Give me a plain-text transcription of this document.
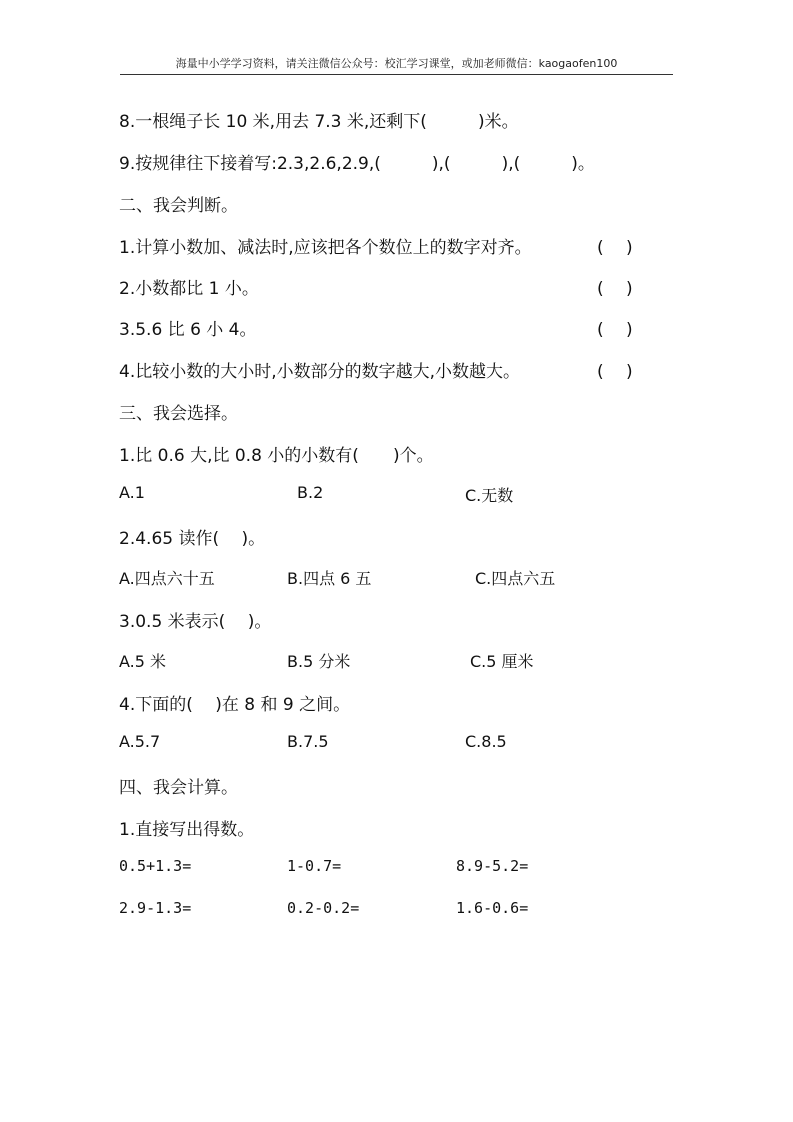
海量中小学学习资料，请关注微信公众号：校汇学习课堂，或加老师微信：kaogaofen100
8.一根绳子长 10 米,用去 7.3 米,还剩下(　　　)米。
9.按规律往下接着写:2.3,2.6,2.9,(　　　),(　　　),(　　　)。
二、我会判断。
1.计算小数加、减法时,应该把各个数位上的数字对齐。	(　 )
2.小数都比 1 小。	(　 )
3.5.6 比 6 小 4。	(　 )
4.比较小数的大小时,小数部分的数字越大,小数越大。	(　 )
三、我会选择。
1.比 0.6 大,比 0.8 小的小数有(　　)个。
A.1	B.2	C.无数
2.4.65 读作(　 )。
A.四点六十五	B.四点 6 五	C.四点六五
3.0.5 米表示(　 )。
A.5 米	B.5 分米	C.5 厘米
4.下面的(　 )在 8 和 9 之间。
A.5.7	B.7.5	C.8.5
四、我会计算。
1.直接写出得数。
0.5+1.3=	1-0.7=	8.9-5.2=
2.9-1.3=	0.2-0.2=	1.6-0.6=
